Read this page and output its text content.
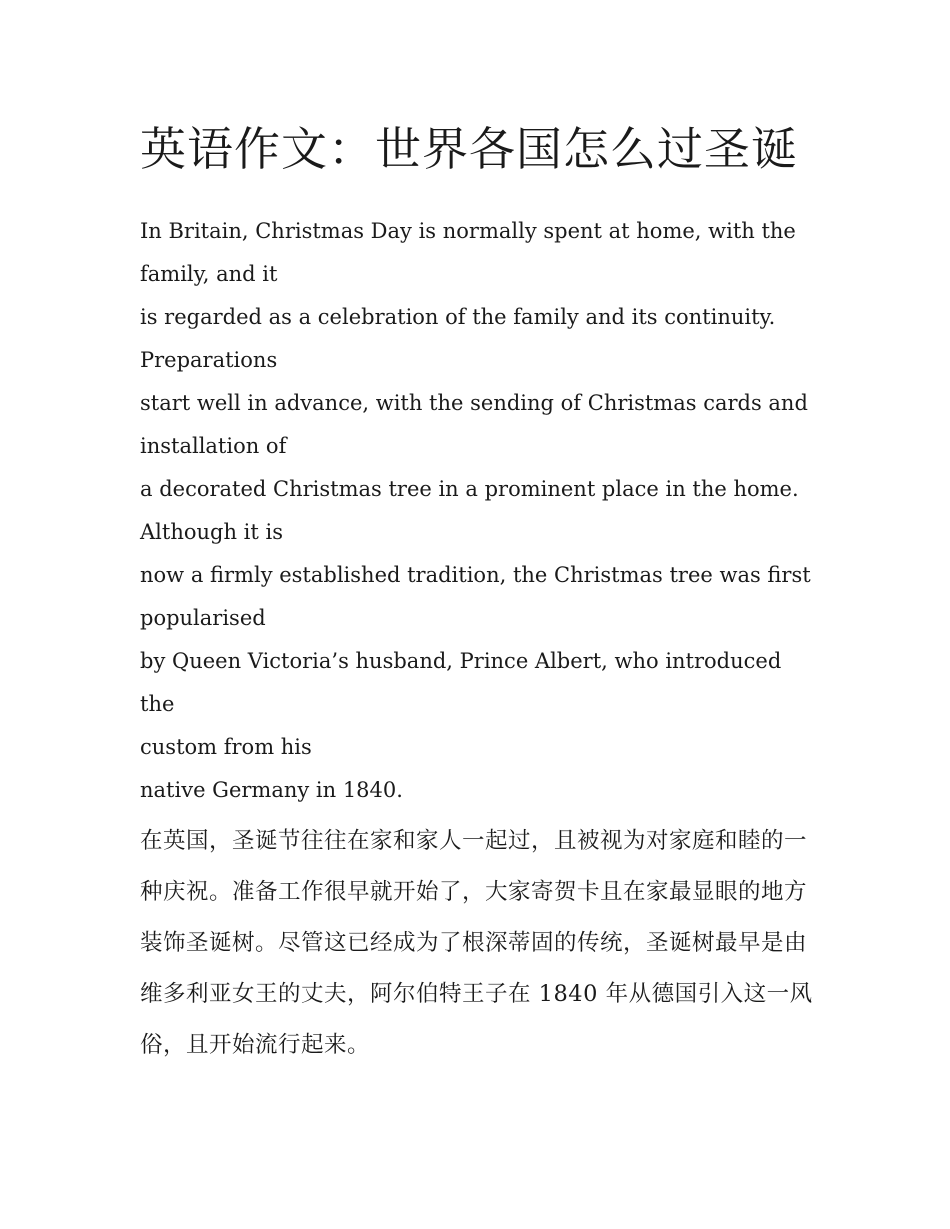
英语作文：世界各国怎么过圣诞

In Britain, Christmas Day is normally spent at home, with the
family, and it
is regarded as a celebration of the family and its continuity.
Preparations
start well in advance, with the sending of Christmas cards and
installation of
a decorated Christmas tree in a prominent place in the home.
Although it is
now a firmly established tradition, the Christmas tree was first
popularised
by Queen Victoria’s husband, Prince Albert, who introduced the
custom from his
native Germany in 1840.

在英国，圣诞节往往在家和家人一起过，且被视为对家庭和睦的一种庆祝。准备工作很早就开始了，大家寄贺卡且在家最显眼的地方装饰圣诞树。尽管这已经成为了根深蒂固的传统，圣诞树最早是由维多利亚女王的丈夫，阿尔伯特王子在 1840 年从德国引入这一风俗，且开始流行起来。
